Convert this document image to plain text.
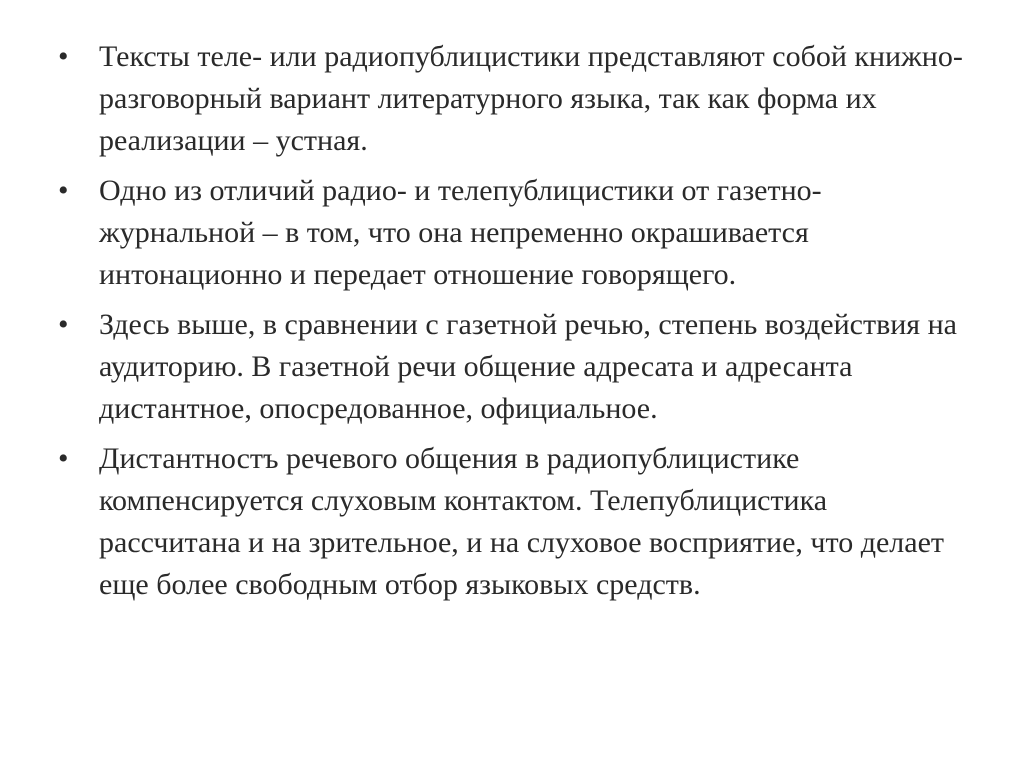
• Тексты теле- или радиопублицистики представляют собой книжно-разговорный вариант литературного языка, так как форма их реализации – устная.
• Одно из отличий радио- и телепублицистики от газетно-журнальной – в том, что она непременно окрашивается интонационно и передает отношение говорящего.
• Здесь выше, в сравнении с газетной речью, степень воздействия на аудиторию. В газетной речи общение адресата и адресанта дистантное, опосредованное, официальное.
• Дистантностъ речевого общения в радиопублицистике компенсируется слуховым контактом. Телепублицистика рассчитана и на зрительное, и на слуховое восприятие, что делает еще более свободным отбор языковых средств.
